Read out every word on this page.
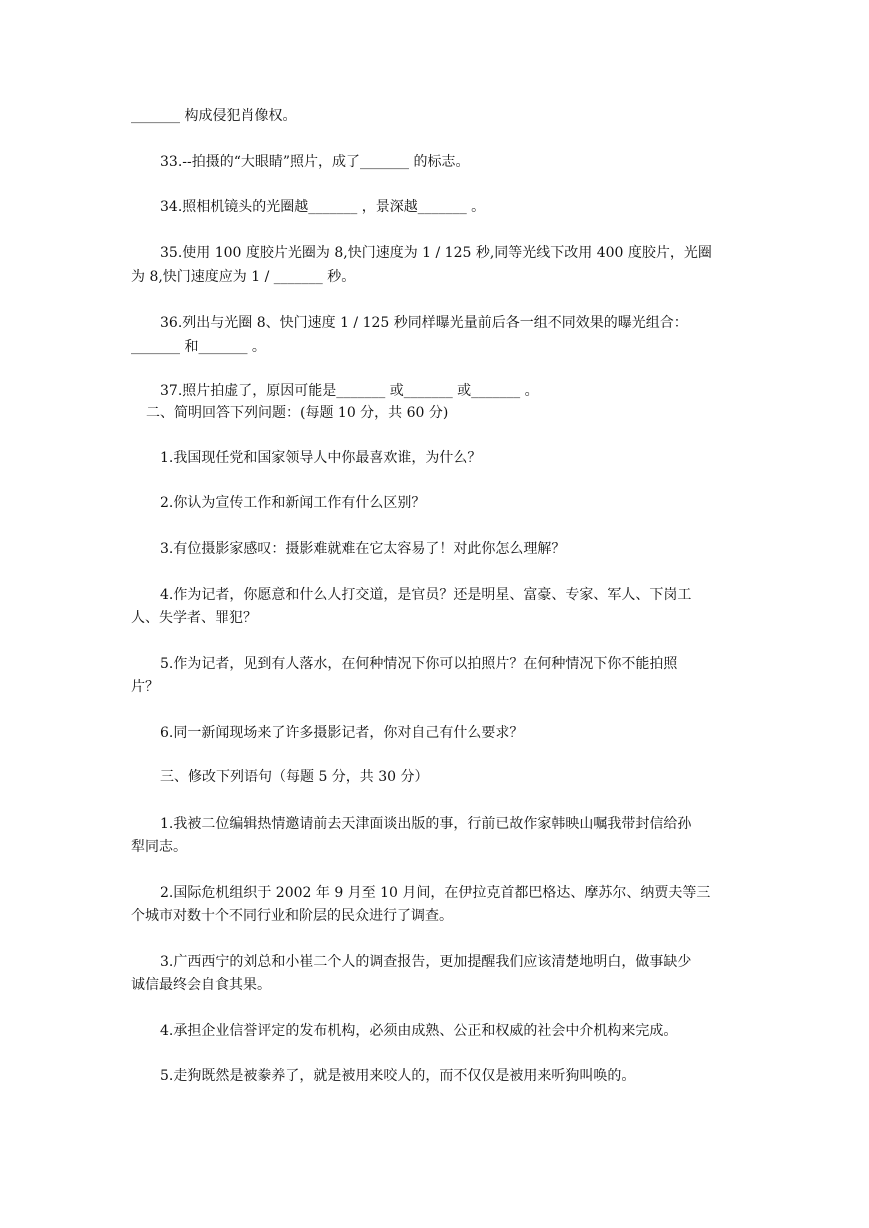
_______ 构成侵犯肖像权。
33.--拍摄的“大眼睛”照片，成了_______ 的标志。
34.照相机镜头的光圈越_______ ，景深越_______ 。
35.使用 100 度胶片光圈为 8,快门速度为 1 / 125 秒,同等光线下改用 400 度胶片，光圈
为 8,快门速度应为 1 / _______ 秒。
36.列出与光圈 8、快门速度 1 / 125 秒同样曝光量前后各一组不同效果的曝光组合：
_______ 和_______ 。
37.照片拍虚了，原因可能是_______ 或_______ 或_______ 。
二、简明回答下列问题：(每题 10 分，共 60 分)
1.我国现任党和国家领导人中你最喜欢谁，为什么？
2.你认为宣传工作和新闻工作有什么区别？
3.有位摄影家感叹：摄影难就难在它太容易了！对此你怎么理解？
4.作为记者，你愿意和什么人打交道，是官员？还是明星、富豪、专家、军人、下岗工
人、失学者、罪犯？
5.作为记者，见到有人落水，在何种情况下你可以拍照片？在何种情况下你不能拍照
片？
6.同一新闻现场来了许多摄影记者，你对自己有什么要求？
三、修改下列语句（每题 5 分，共 30 分）
1.我被二位编辑热情邀请前去天津面谈出版的事，行前已故作家韩映山嘱我带封信给孙
犁同志。
2.国际危机组织于 2002 年 9 月至 10 月间，在伊拉克首都巴格达、摩苏尔、纳贾夫等三
个城市对数十个不同行业和阶层的民众进行了调查。
3.广西西宁的刘总和小崔二个人的调查报告，更加提醒我们应该清楚地明白，做事缺少
诚信最终会自食其果。
4.承担企业信誉评定的发布机构，必须由成熟、公正和权威的社会中介机构来完成。
5.走狗既然是被豢养了，就是被用来咬人的，而不仅仅是被用来听狗叫唤的。
